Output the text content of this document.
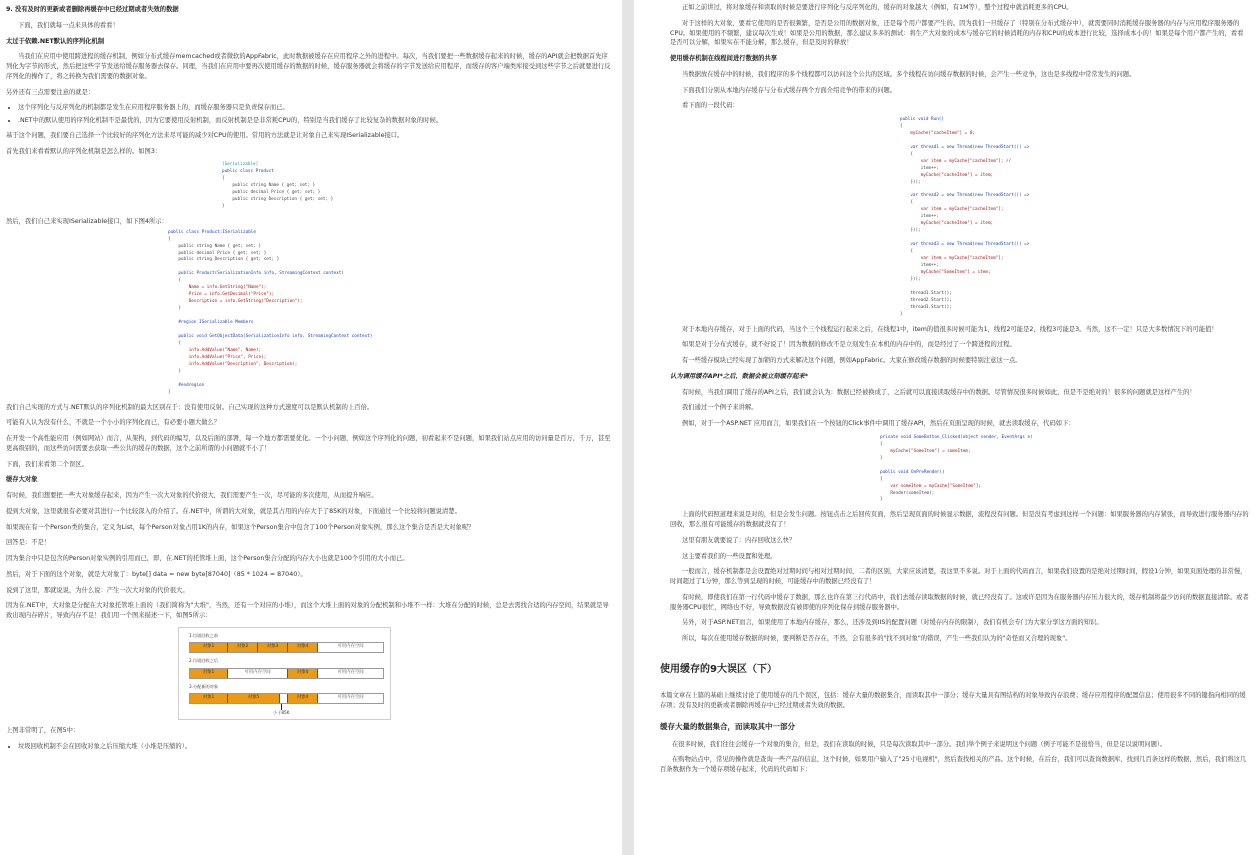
9. 没有及时的更新或者删除再缓存中已经过期或者失效的数据

下面，我们就每一点来具体的看看！

太过于依赖.NET默认的序列化机制

当我们在应用中使用跨进程的缓存机制，例如分布式缓存memcached或者微软的AppFabric，此时数据被缓存在应用程序之外的进程中。每次，当我们要把一些数据缓存起来的时候，缓存的API就会把数据首先序列化为字节的形式，然后把这些字节发送给缓存服务器去保存。同理，当我们在应用中要再次使用缓存的数据的时候，缓存服务器就会将缓存的字节发送给应用程序，而缓存的客户端类库接受到这些字节之后就要进行反序列化的操作了，将之转换为我们需要的数据对象。

另外还有三点需要注意的就是：

• 这个序列化与反序列化的机制都是发生在应用程序服务器上的，而缓存服务器只是负责保存而已。
• .NET中的默认使用的序列化机制不是最优的，因为它要使用反射机制，而反射机制是是非常耗CPU的，特别是当我们缓存了比较复杂的数据对象的时候。

基于这个问题，我们要自己选择一个比较好的序列化方法来尽可能的减少对CPU的使用。常用的方法就是让对象自己来实现ISerializable接口。

首先我们来看看默认的序列化机制是怎么样的。如图3：

[Serializable]
public class Product
{
public string Name { get; set; }
public decimal Price { get; set; }
public string Description { get; set; }
}

然后，我们自己来实现ISerializable接口，如下图4所示：

public class Product:ISerializable
{
public string Name { get; set; }
public decimal Price { get; set; }
public string Description { get; set; }

public Product(SerializationInfo info, StreamingContext context)
{
Name = info.GetString("Name");
Price = info.GetDecimal("Price");
Description = info.GetString("Description");
}

#region ISerializable Members

public void GetObjectData(SerializationInfo info, StreamingContext context)
{
info.AddValue("Name", Name);
info.AddValue("Price", Price);
info.AddValue("Description", Description);
}

#endregion
}

我们自己实现的方式与.NET默认的序列化机制的最大区别在于：没有使用反射。自己实现的这种方式速度可以是默认机制的上百倍。

可能有人认为没有什么，不就是一个小小的序列化而已，有必要小题大做么？

在开发一个高性能应用（例如网站）而言，从架构，到代码的编写，以及后面的部署，每一个地方都需要优化。一个小问题，例如这个序列化的问题，初看起来不是问题，如果我们站点应用的访问量是百万，千万，甚至更高级别的，而这些访问需要去获取一些公共的缓存的数据，这个之前所谓的小问题就不小了！

下面，我们来看第二个误区。

缓存大对象

有时候，我们想要把一些大对象缓存起来，因为产生一次大对象的代价很大，我们需要产生一次，尽可能的多次使用，从而提升响应。

提到大对象，这里就很有必要对其进行一个比较深入的介绍了。在.NET中，所谓的大对象，就是其占用的内存大于了85K的对象，下面通过一个比较将问题说清楚。

如果现在有一个Person类的集合，定义为List，每个Person对象占用1K的内存，如果这个Person集合中包含了100个Person对象实例，那么这个集合是否是大对象呢？

回答是：不是！

因为集合中只是包含的Person对象实例的引用而已，即，在.NET的托管堆上面，这个Person集合分配的内存大小也就是100个引用的大小而已。

然后，对于下面的这个对象，就是大对象了：byte[] data = new byte[87040]（85 * 1024 = 87040）。

说到了这里，那就说说，为什么说：产生一次大对象的代价很大。

因为在.NET中，大对象是分配在大对象托管堆上面的（我们简称为"大堆"，当然，还有一个对应的小堆），而这个大堆上面的对象的分配机制和小堆不一样：大堆在分配的时候，总是去需找合适的内存空间，结果就是导致出现内存碎片，导致内存不足！我们用一个图来描述一下，如图5所示：

1.垃圾回收之前
对象1	对象2	对象3	对象4	可用内存空间
2.垃圾回收之后
对象1	可用内存空间	对象4	可用内存空间
3.分配新的对象
对象1	对象5	对象4	可用内存空间
小于85K

上图非常明了，在图5中：

• 垃圾回收机制不会在回收对象之后压缩大堆（小堆是压缩的）。

正如之前讲过，将对象缓存和读取的时候是要进行序列化与反序列化的，缓存的对象越大（例如，有1M等），整个过程中就消耗更多的CPU。

对于这样的大对象，要看它使用的是否很频繁，是否是公用的数据对象，还是每个用户都要产生的。因为我们一旦缓存了（特别在分布式缓存中），就需要同时消耗缓存服务器的内存与应用程序服务器的CPU。如果使用的不频繁，建议每次生成！如果是公用的数据，那么建议多多的测试：将生产大对象的成本与缓存它的时候消耗的内存和CPU的成本进行比较，选择成本小的！如果是每个用户都产生的，看看是否可以分解，如果实在不能分解，那么缓存，但是及时的释放！

使用缓存机制在线程间进行数据的共享

当数据放在缓存中的时候，我们程序的多个线程都可以访问这个公共的区域。多个线程在访问缓存数据的时候，会产生一些竞争，这也是多线程中常常发生的问题。

下面我们分别从本地内存缓存与分布式缓存两个方面介绍竞争的带来的问题。

看下面的一段代码：

public void Run()
{
myCache["cacheItem"] = 0;

var thread1 = new Thread(new ThreadStart(() =>
{
var item = myCache["cacheItem"]; //
item++;
myCache["cacheItem"] = item;
}));

var thread2 = new Thread(new ThreadStart(() =>
{
var item = myCache["cacheItem"];
item++;
myCache["cacheItem"] = item;
}));

var thread3 = new Thread(new ThreadStart(() =>
{
var item = myCache["cacheItem"];
item++;
myCache["SomeItem"] = item;
}));

thread1.Start();
thread2.Start();
thread3.Start();
}

对于本地内存缓存，对于上面的代码，当这个三个线程运行起来之后，在线程1中，item的值很多时候可能为1，线程2可能是2，线程3可能是3。当然，这不一定！只是大多数情况下的可能值！

如果是对于分布式缓存，就不好说了！因为数据的修改不是立刻发生在本机的内存中的，而是经过了一个跨进程的过程。

有一些缓存模块已经实现了加锁的方式来解决这个问题，例如AppFabric。大家在修改缓存数据的时候要特别注意这一点。

认为调用缓存API*之后，数据会被立刻缓存起来*

有时候，当我们调用了缓存的API之后，我们就会认为：数据已经被换成了，之后就可以直接读取缓存中的数据。尽管情况很多时候如此，但是不是绝对的！很多的问题就是这样产生的！

我们通过一个例子来讲解。

例如，对于一个ASP.NET 应用而言，如果我们在一个按钮的Click事件中调用了缓存API，然后在页面呈现的时候，就去读取缓存，代码如下：

private void SomeButton_Clicked(object sender, EventArgs e)
{
myCache["SomeItem"] = someItem;
}

public void OnPreRender()
{
var someItem = myCache["SomeItem"];
Render(someItem);
}

上面的代码照道理来说是对的，但是会发生问题。按钮点击之后回传页面，然后呈现页面的时候显示数据，流程没有问题。但是没有考虑到这样一个问题：如果服务器的内存紧张，而导致进行服务器内存的回收，那么很有可能缓存的数据就没有了！

这里有朋友就要说了：内存回收这么快？

这主要看我们的一些设置和处理。

一般而言，缓存机制都是会设置绝对过期时间与相对过期时间，二者的区别，大家应该清楚，我这里不多说。对于上面的代码而言，如果我们设置的是绝对过期时间，假设1分钟，如果页面处理的非常慢，时间超过了1分钟，那么等到呈现的时候，可能缓存中的数据已经没有了！

有时候，即使我们在第一行代码中缓存了数据，那么也许在第三行代码中，我们去缓存读取数据的时候，就已经没有了。这或许是因为在服务器内存压力很大的，缓存机制将最少访问的数据直接清除。或者服务器CPU很忙，网络也不好，导致数据没有被即使的序列化保存到缓存服务器中。

另外，对于ASP.NET而言，如果使用了本地内存缓存，那么，还涉及到IIS的配置问题（对缓存内存的限制），我们有机会专门为大家分享这方面的知识。

所以，每次在使用缓存数据的时候，要判断是否存在，不然，会有很多的"找不到对象"的错误，产生一些我们认为的"奇怪而又合理的现象"。

使用缓存的9大误区（下）

本篇文章在上篇的基础上继续讨论了使用缓存的几个误区，包括：缓存大量的数据集合，而读取其中一部分；缓存大量具有图结构的对象导致内存浪费；缓存应用程序的配置信息；使用很多不同的键指向相同的缓存项；没有及时的更新或者删除再缓存中已经过期或者失效的数据。

缓存大量的数据集合，而读取其中一部分

在很多时候，我们往往会缓存一个对象的集合，但是，我们在读取的时候，只是每次读取其中一部分。我们举个例子来说明这个问题（例子可能不是很恰当，但是足以说明问题）。

在购物站点中，常见的操作就是查询一些产品的信息，这个时候，如果用户输入了"25寸电视机"，然后查找相关的产品。这个时候，在后台，我们可以查询数据库，找到几百条这样的数据，然后，我们将这几百条数据作为一个缓存项缓存起来，代码的代码如下：
